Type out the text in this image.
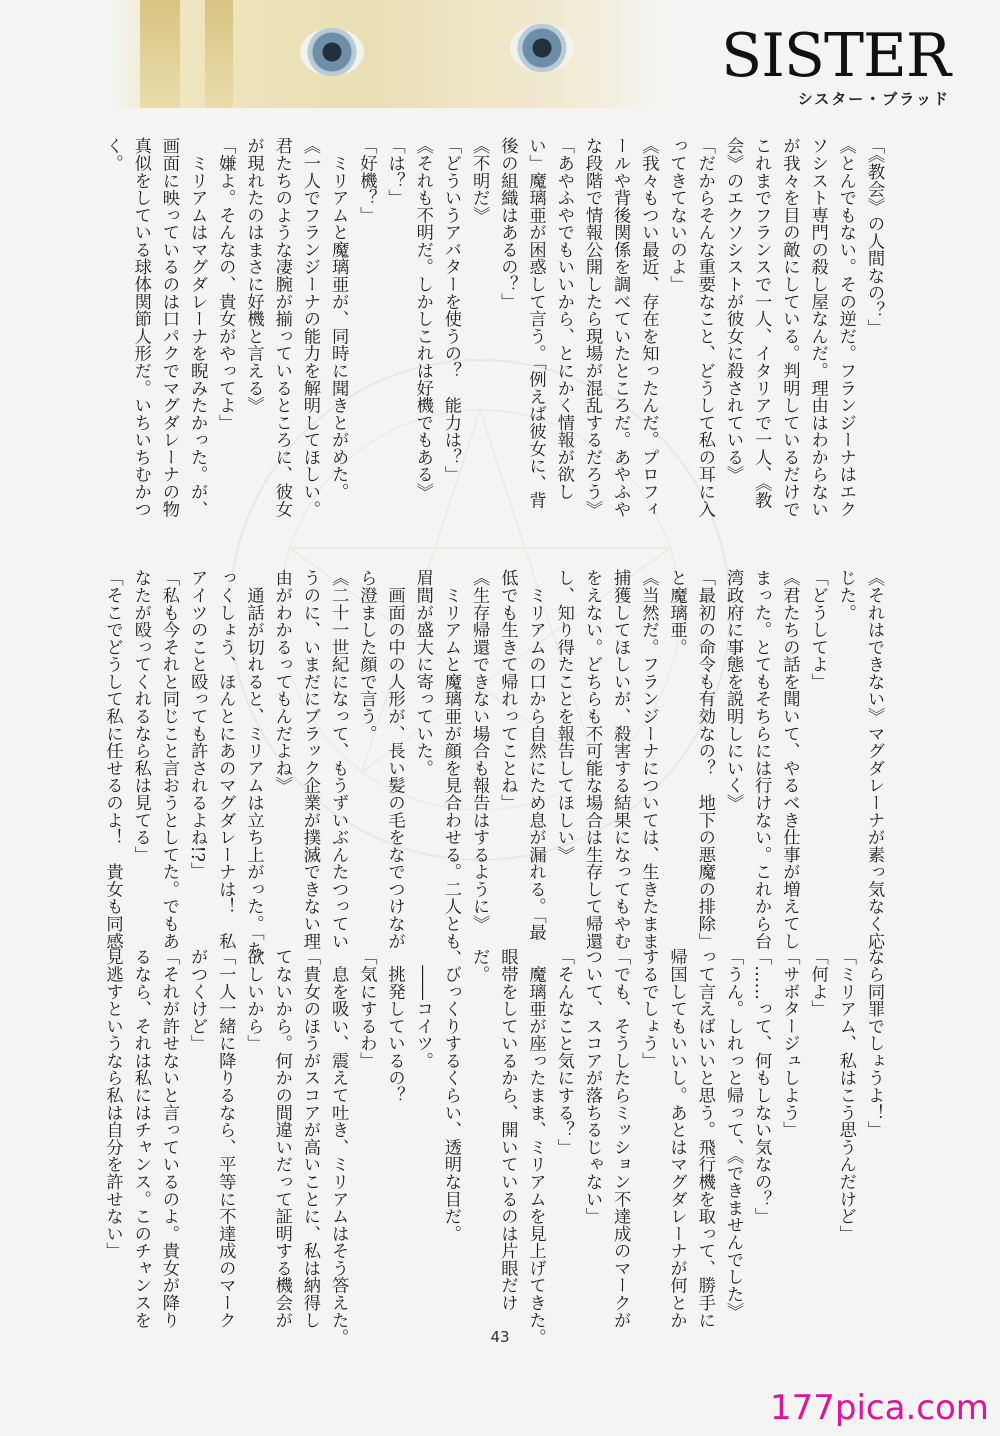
SISTER
シスター・ブラッド
「《教会》の人間なの？」
《とんでもない。その逆だ。フランジーナはエク
ソシスト専門の殺し屋なんだ。理由はわからない
が我々を目の敵にしている。判明しているだけで
これまでフランスで一人、イタリアで一人、《教
会》のエクソシストが彼女に殺されている》
「だからそんな重要なこと、どうして私の耳に入
ってきてないのよ」
《我々もつい最近、存在を知ったんだ。プロフィ
ールや背後関係を調べていたところだ。あやふや
な段階で情報公開したら現場が混乱するだろう》
「あやふやでもいいから、とにかく情報が欲し
い」魔璃亜が困惑して言う。「例えば彼女に、背
後の組織はあるの？」
《不明だ》
「どういうアバターを使うの？　能力は？」
《それも不明だ。しかしこれは好機でもある》
「は？」
「好機？」
　ミリアムと魔璃亜が、同時に聞きとがめた。
《一人でフランジーナの能力を解明してほしい。
君たちのような凄腕が揃っているところに、彼女
が現れたのはまさに好機と言える》
「嫌よ。そんなの、貴女がやってよ」
　ミリアムはマグダレーナを睨みたかった。が、
画面に映っているのは口パクでマグダレーナの物
真似をしている球体関節人形だ。いちいちむかつ
く。
《それはできない》マグダレーナが素っ気なく応
じた。
「どうしてよ」
《君たちの話を聞いて、やるべき仕事が増えてし
まった。とてもそちらには行けない。これから台
湾政府に事態を説明しにいく》
「最初の命令も有効なの？　地下の悪魔の排除」
と魔璃亜。
《当然だ。フランジーナについては、生きたまま
捕獲してほしいが、殺害する結果になってもやむ
をえない。どちらも不可能な場合は生存して帰還
し、知り得たことを報告してほしい》
　ミリアムの口から自然にため息が漏れる。「最
低でも生きて帰れってことね」
《生存帰還できない場合も報告はするように》
　ミリアムと魔璃亜が顔を見合わせる。二人とも、
眉間が盛大に寄っていた。
　画面の中の人形が、長い髪の毛をなでつけなが
ら澄ました顔で言う。
《二十一世紀になって、もうずいぶんたつってい
うのに、いまだにブラック企業が撲滅できない理
由がわかるってもんだよね》
　通話が切れると、ミリアムは立ち上がった。「ち
っくしょう、ほんとにあのマグダレーナは！　私
アイツのこと殴っても許されるよね!?」
「私も今それと同じこと言おうとしてた。でもあ
なたが殴ってくれるなら私は見てる」
「そこでどうして私に任せるのよ！　貴女も同感
なら同罪でしょうよ！」
「ミリアム、私はこう思うんだけど」
「何よ」
「サボタージュしよう」
「……って、何もしない気なの？」
「うん。しれっと帰って、《できませんでした》
って言えばいいと思う。飛行機を取って、勝手に
帰国してもいいし。あとはマグダレーナが何とか
するでしょう」
「でも、そうしたらミッション不達成のマークが
ついて、スコアが落ちるじゃない」
「そんなこと気にする？」
　魔璃亜が座ったまま、ミリアムを見上げてきた。
眼帯をしているから、開いているのは片眼だけ
だ。
　びっくりするくらい、透明な目だ。
　――コイツ。
　挑発しているの？
「気にするわ」
　息を吸い、震えて吐き、ミリアムはそう答えた。
「貴女のほうがスコアが高いことに、私は納得し
てないから。何かの間違いだって証明する機会が
欲しいから」
「一人一緒に降りるなら、平等に不達成のマーク
がつくけど」
「それが許せないと言っているのよ。貴女が降り
るなら、それは私にはチャンス。このチャンスを
見逃すというなら私は自分を許せない」
43
177pica.com
